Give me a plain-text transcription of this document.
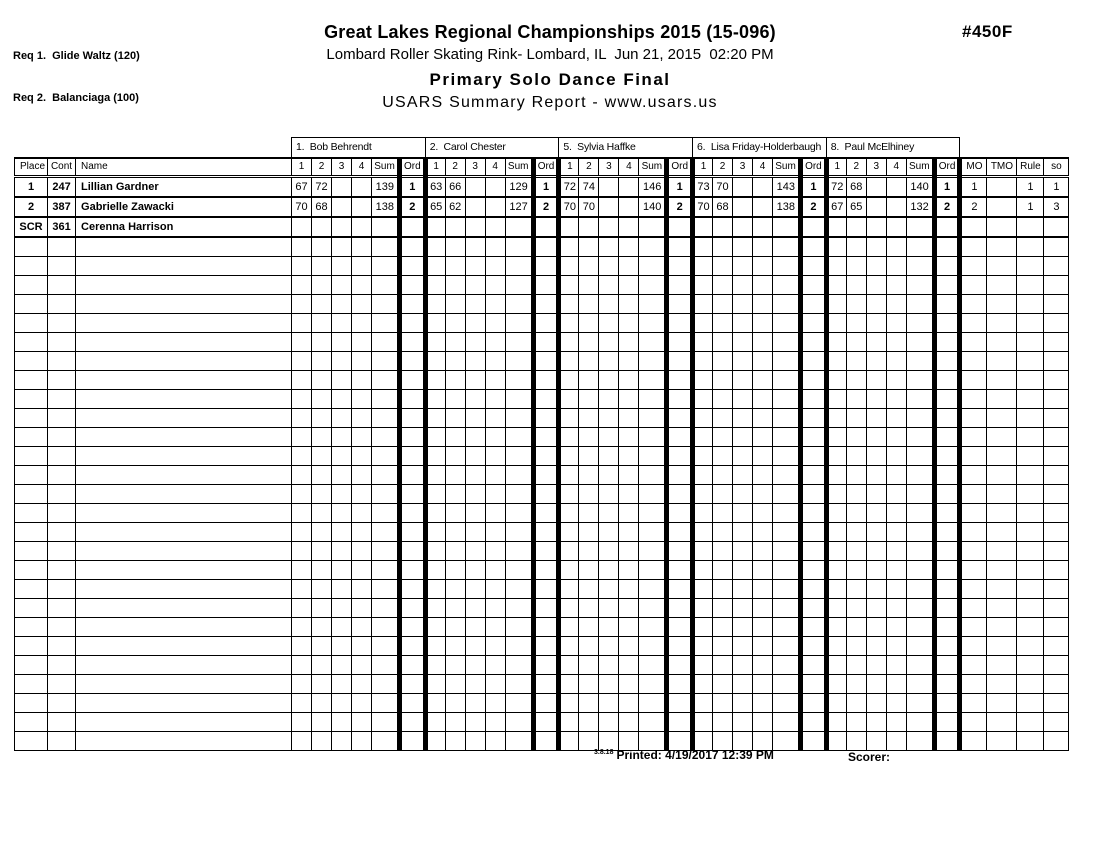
Req 1.  Glide Waltz (120)

Req 2.  Balanciaga (100)

#450F
Great Lakes Regional Championships 2015 (15-096)
Lombard Roller Skating Rink- Lombard, IL  Jun 21, 2015  02:20 PM
Primary Solo Dance Final
USARS Summary Report - www.usars.us
			1.  Bob Behrendt						2.  Carol Chester						5.  Sylvia Haffke						6.  Lisa Friday-Holderbaugh						8.  Paul McElhiney									
Place	Cont	Name	1	2	3	4	Sum	Ord	1	2	3	4	Sum	Ord	1	2	3	4	Sum	Ord	1	2	3	4	Sum	Ord	1	2	3	4	Sum	Ord	MO	TMO	Rule	so
1	247	Lillian Gardner	67	72			139	1	63	66			129	1	72	74			146	1	73	70			143	1	72	68			140	1	1		1	1
2	387	Gabrielle Zawacki	70	68			138	2	65	62			127	2	70	70			140	2	70	68			138	2	67	65			132	2	2		1	3
SCR	361	Cerenna Harrison																																		

$^{3.8.18}$ Printed: 4/19/2017 12:39 PM	Scorer:
